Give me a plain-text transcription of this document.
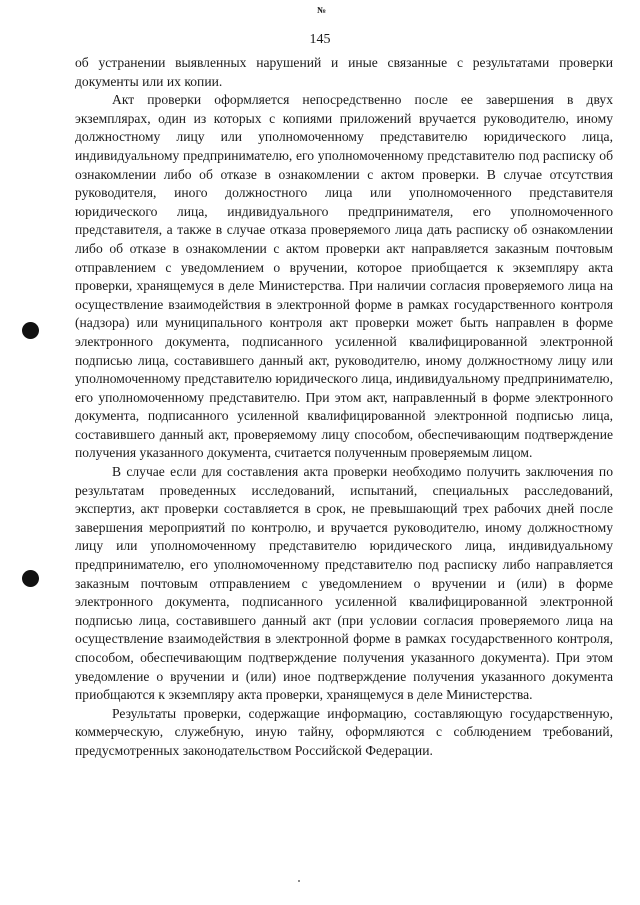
№
145

об устранении выявленных нарушений и иные связанные с результатами проверки документы или их копии.

Акт проверки оформляется непосредственно после ее завершения в двух экземплярах, один из которых с копиями приложений вручается руководителю, иному должностному лицу или уполномоченному представителю юридического лица, индивидуальному предпринимателю, его уполномоченному представителю под расписку об ознакомлении либо об отказе в ознакомлении с актом проверки. В случае отсутствия руководителя, иного должностного лица или уполномоченного представителя юридического лица, индивидуального предпринимателя, его уполномоченного представителя, а также в случае отказа проверяемого лица дать расписку об ознакомлении либо об отказе в ознакомлении с актом проверки акт направляется заказным почтовым отправлением с уведомлением о вручении, которое приобщается к экземпляру акта проверки, хранящемуся в деле Министерства. При наличии согласия проверяемого лица на осуществление взаимодействия в электронной форме в рамках государственного контроля (надзора) или муниципального контроля акт проверки может быть направлен в форме электронного документа, подписанного усиленной квалифицированной электронной подписью лица, составившего данный акт, руководителю, иному должностному лицу или уполномоченному представителю юридического лица, индивидуальному предпринимателю, его уполномоченному представителю. При этом акт, направленный в форме электронного документа, подписанного усиленной квалифицированной электронной подписью лица, составившего данный акт, проверяемому лицу способом, обеспечивающим подтверждение получения указанного документа, считается полученным проверяемым лицом.

В случае если для составления акта проверки необходимо получить заключения по результатам проведенных исследований, испытаний, специальных расследований, экспертиз, акт проверки составляется в срок, не превышающий трех рабочих дней после завершения мероприятий по контролю, и вручается руководителю, иному должностному лицу или уполномоченному представителю юридического лица, индивидуальному предпринимателю, его уполномоченному представителю под расписку либо направляется заказным почтовым отправлением с уведомлением о вручении и (или) в форме электронного документа, подписанного усиленной квалифицированной электронной подписью лица, составившего данный акт (при условии согласия проверяемого лица на осуществление взаимодействия в электронной форме в рамках государственного контроля, способом, обеспечивающим подтверждение получения указанного документа). При этом уведомление о вручении и (или) иное подтверждение получения указанного документа приобщаются к экземпляру акта проверки, хранящемуся в деле Министерства.

Результаты проверки, содержащие информацию, составляющую государственную, коммерческую, служебную, иную тайну, оформляются с соблюдением требований, предусмотренных законодательством Российской Федерации.
